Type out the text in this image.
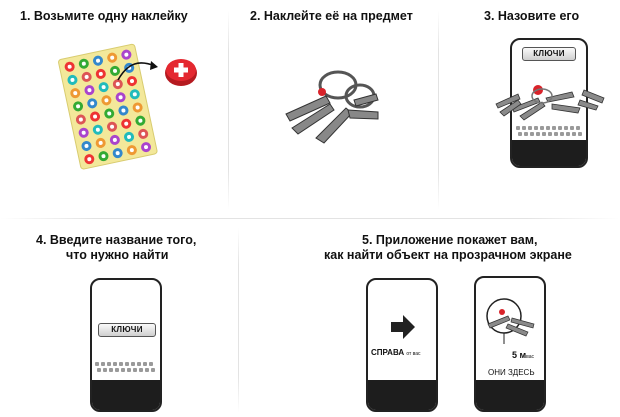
1. Возьмите одну наклейку	2. Наклейте её на предмет	3. Назовите его
КЛЮЧИ
4. Введите название того,
что нужно найти
КЛЮЧИ
5. Приложение покажет вам,
как найти объект на прозрачном экране
СПРАВА от вас	5 мвас
ОНИ ЗДЕСЬ
